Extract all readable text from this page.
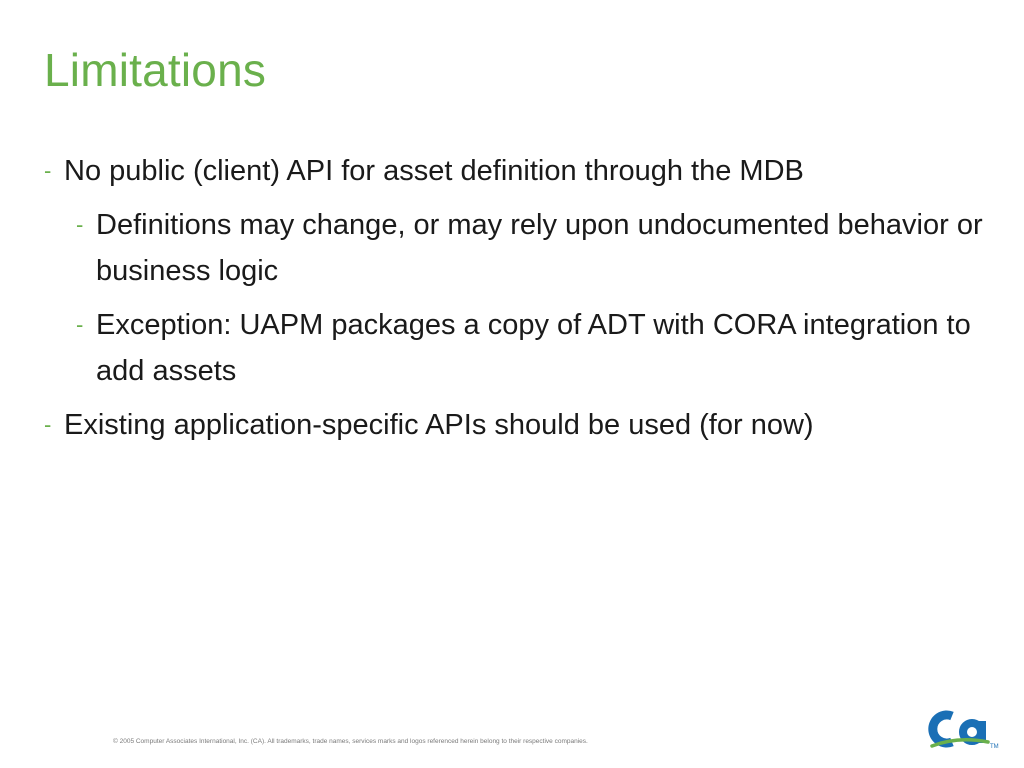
Limitations
- No public (client) API for asset definition through the MDB
- Definitions may change, or may rely upon undocumented behavior or business logic
- Exception: UAPM packages a copy of ADT with CORA integration to add assets
- Existing application-specific APIs should be used (for now)
© 2005 Computer Associates International, Inc. (CA). All trademarks, trade names, services marks and logos referenced herein belong to their respective companies.
TM
